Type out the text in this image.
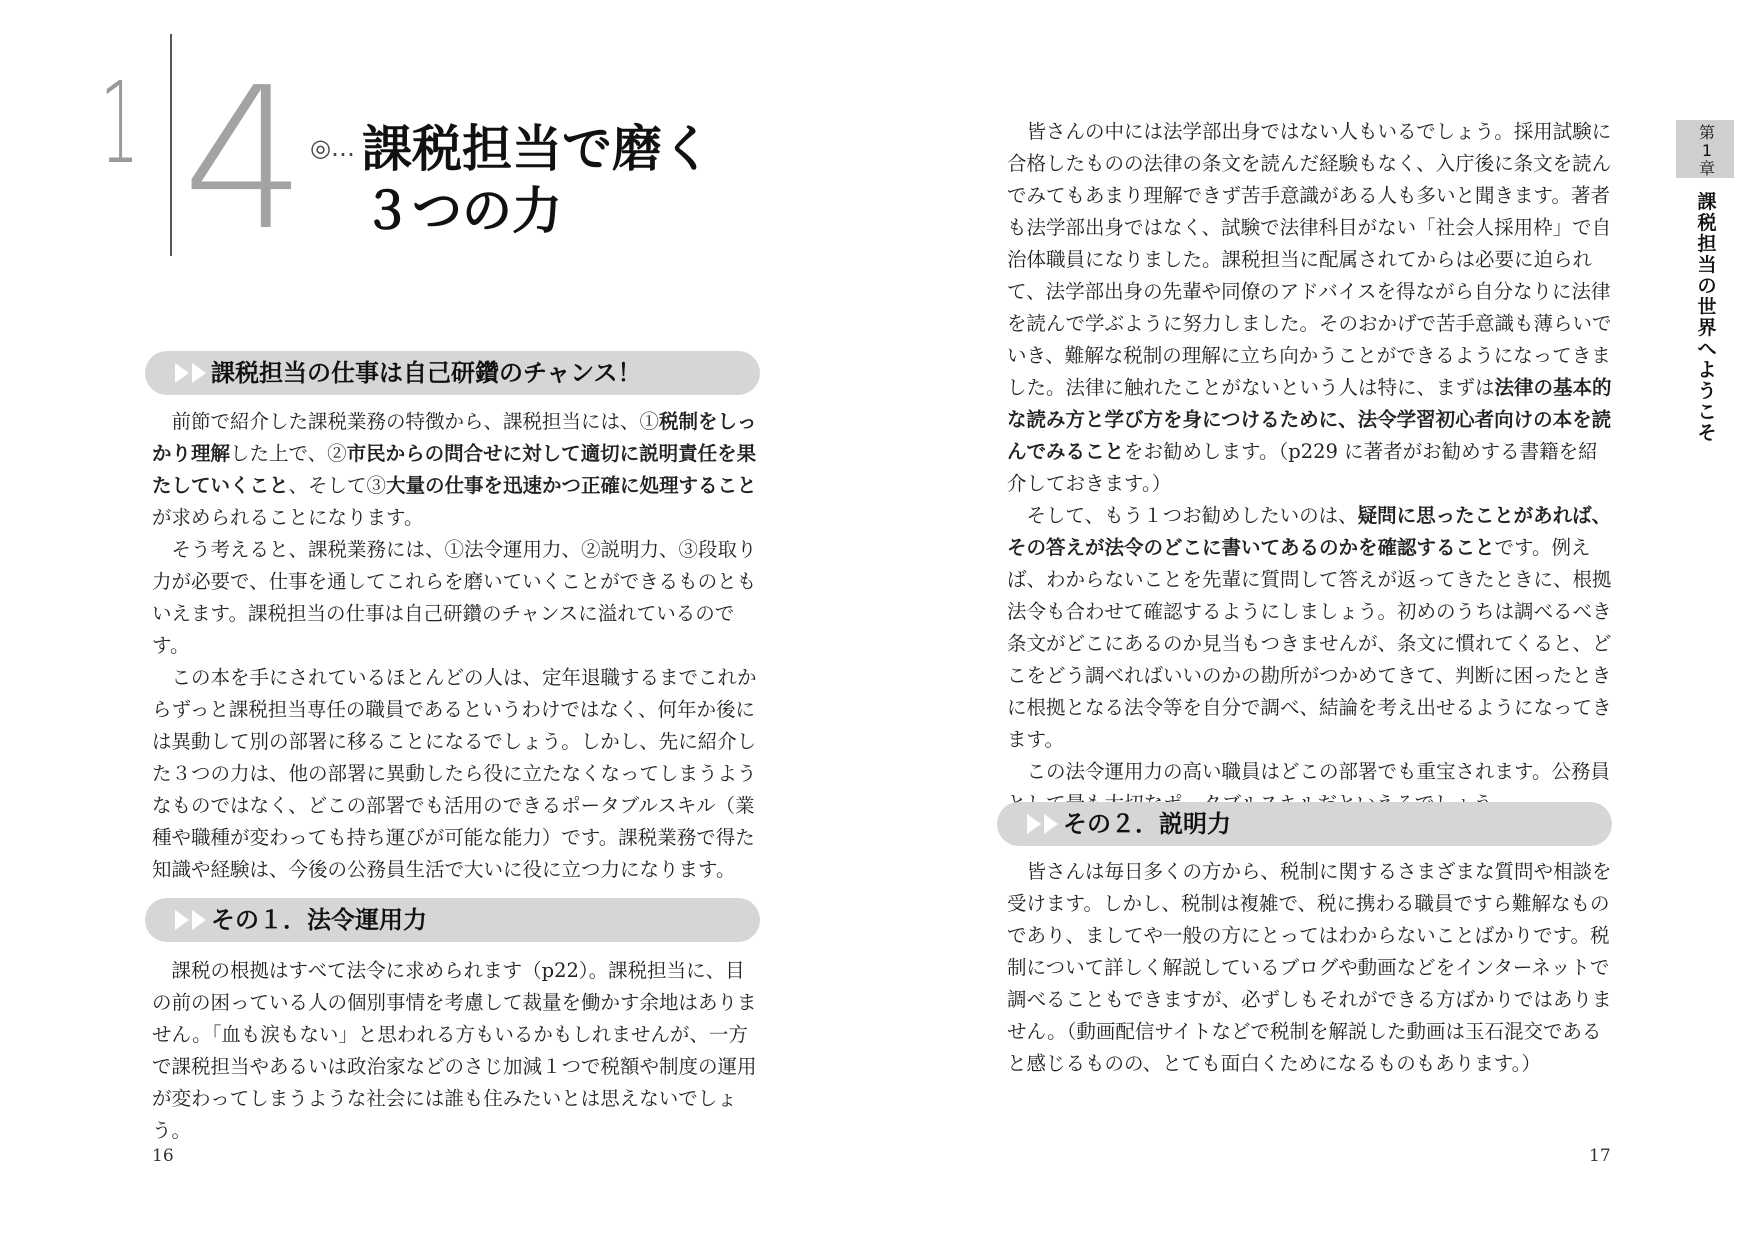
1 4 ◎… 課税担当で磨く
３つの力
課税担当の仕事は自己研鑽のチャンス！

前節で紹介した課税業務の特徴から、課税担当には、①税制をしっかり理解した上で、②市民からの問合せに対して適切に説明責任を果たしていくこと、そして③大量の仕事を迅速かつ正確に処理することが求められることになります。

そう考えると、課税業務には、①法令運用力、②説明力、③段取り力が必要で、仕事を通してこれらを磨いていくことができるものともいえます。課税担当の仕事は自己研鑽のチャンスに溢れているのです。

この本を手にされているほとんどの人は、定年退職するまでこれからずっと課税担当専任の職員であるというわけではなく、何年か後には異動して別の部署に移ることになるでしょう。しかし、先に紹介した３つの力は、他の部署に異動したら役に立たなくなってしまうようなものではなく、どこの部署でも活用のできるポータブルスキル（業種や職種が変わっても持ち運びが可能な能力）です。課税業務で得た知識や経験は、今後の公務員生活で大いに役に立つ力になります。

その１．法令運用力

課税の根拠はすべて法令に求められます（p22）。課税担当に、目の前の困っている人の個別事情を考慮して裁量を働かす余地はありません。「血も涙もない」と思われる方もいるかもしれませんが、一方で課税担当やあるいは政治家などのさじ加減１つで税額や制度の運用が変わってしまうような社会には誰も住みたいとは思えないでしょう。

16

皆さんの中には法学部出身ではない人もいるでしょう。採用試験に合格したものの法律の条文を読んだ経験もなく、入庁後に条文を読んでみてもあまり理解できず苦手意識がある人も多いと聞きます。著者も法学部出身ではなく、試験で法律科目がない「社会人採用枠」で自治体職員になりました。課税担当に配属されてからは必要に迫られて、法学部出身の先輩や同僚のアドバイスを得ながら自分なりに法律を読んで学ぶように努力しました。そのおかげで苦手意識も薄らいでいき、難解な税制の理解に立ち向かうことができるようになってきました。法律に触れたことがないという人は特に、まずは法律の基本的な読み方と学び方を身につけるために、法令学習初心者向けの本を読んでみることをお勧めします。（p229 に著者がお勧めする書籍を紹介しておきます。）

そして、もう１つお勧めしたいのは、疑問に思ったことがあれば、その答えが法令のどこに書いてあるのかを確認することです。例えば、わからないことを先輩に質問して答えが返ってきたときに、根拠法令も合わせて確認するようにしましょう。初めのうちは調べるべき条文がどこにあるのか見当もつきませんが、条文に慣れてくると、どこをどう調べればいいのかの勘所がつかめてきて、判断に困ったときに根拠となる法令等を自分で調べ、結論を考え出せるようになってきます。

この法令運用力の高い職員はどこの部署でも重宝されます。公務員

その２．説明力

皆さんは毎日多くの方から、税制に関するさまざまな質問や相談を受けます。しかし、税制は複雑で、税に携わる職員ですら難解なものであり、ましてや一般の方にとってはわからないことばかりです。税制について詳しく解説しているブログや動画などをインターネットで調べることもできますが、必ずしもそれができる方ばかりではありません。（動画配信サイトなどで税制を解説した動画は玉石混交であると感じるものの、とても面白くためになるものもあります。）

第1章
課税担当の世界へようこそ
17
